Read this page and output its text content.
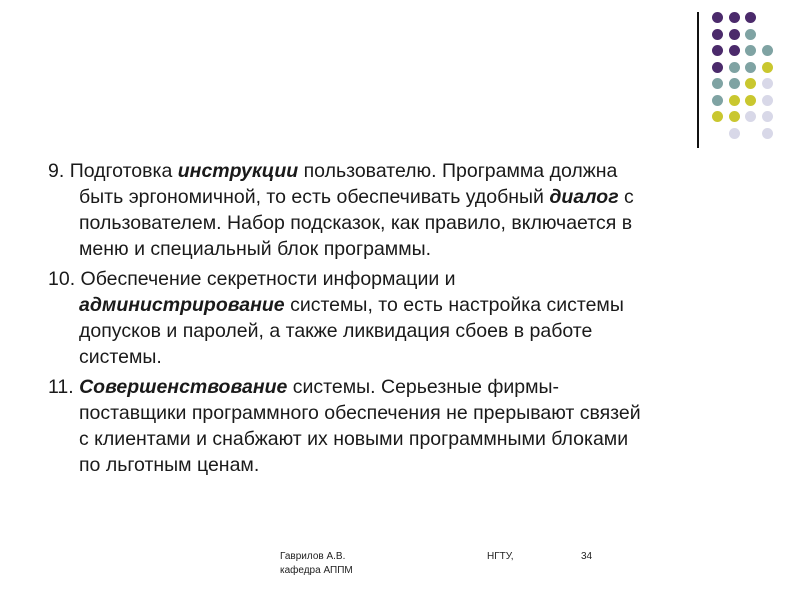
9. Подготовка инструкции пользователю. Программа должна
быть эргономичной, то есть обеспечивать удобный диалог с
пользователем. Набор подсказок, как правило, включается в
меню и специальный блок программы.
10. Обеспечение секретности информации и
администрирование системы, то есть настройка системы
допусков и паролей, а также ликвидация сбоев в работе
системы.
11. Совершенствование системы. Серьезные фирмы-
поставщики программного обеспечения не прерывают связей
с клиентами и снабжают их новыми программными блоками
по льготным ценам.
Гаврилов А.В.
кафедра АППМ
НГТУ,	34
